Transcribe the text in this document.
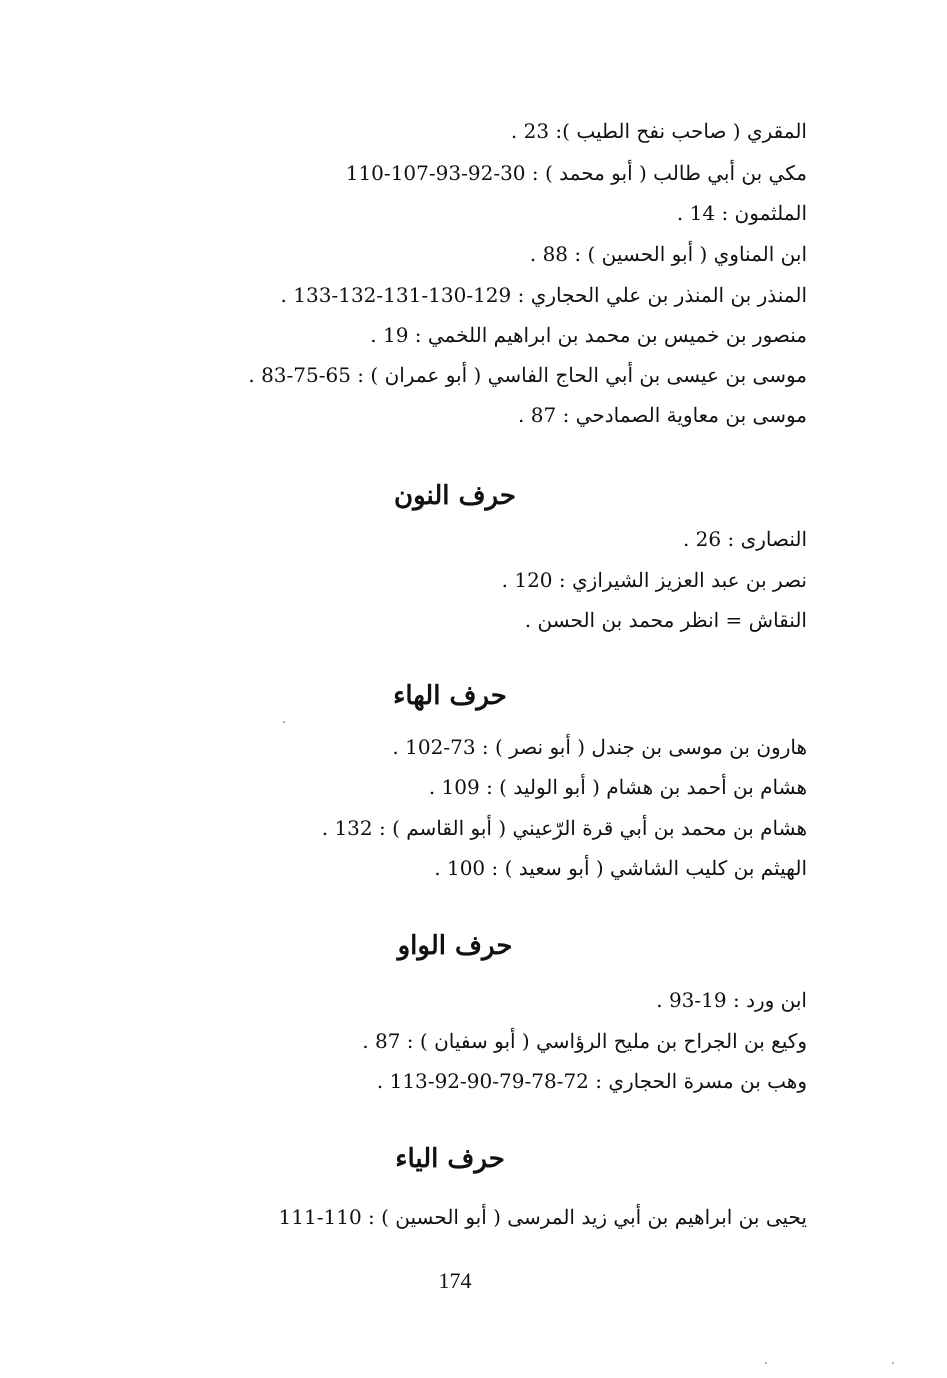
المقري ( صاحب نفح الطيب ): 23 .
مكي بن أبي طالب ( أبو محمد ) : 30-92-93-107-110
الملثمون : 14 .
ابن المناوي ( أبو الحسين ) : 88 .
المنذر بن المنذر بن علي الحجاري : 129-130-131-132-133 .
منصور بن خميس بن محمد بن ابراهيم اللخمي : 19 .
موسى بن عيسى بن أبي الحاج الفاسي ( أبو عمران ) : 65-75-83 .
موسى بن معاوية الصمادحي : 87 .
حرف النون
النصارى : 26 .
نصر بن عبد العزيز الشيرازي : 120 .
النقاش = انظر محمد بن الحسن .
حرف الهاء
هارون بن موسى بن جندل ( أبو نصر ) : 73-102 .
هشام بن أحمد بن هشام ( أبو الوليد ) : 109 .
هشام بن محمد بن أبي قرة الرّعيني ( أبو القاسم ) : 132 .
الهيثم بن كليب الشاشي ( أبو سعيد ) : 100 .
حرف الواو
ابن ورد : 19-93 .
وكيع بن الجراح بن مليح الرؤاسي ( أبو سفيان ) : 87 .
وهب بن مسرة الحجاري : 72-78-79-90-92-113 .
حرف الياء
يحيى بن ابراهيم بن أبي زيد المرسى ( أبو الحسين ) : 110-111
174
